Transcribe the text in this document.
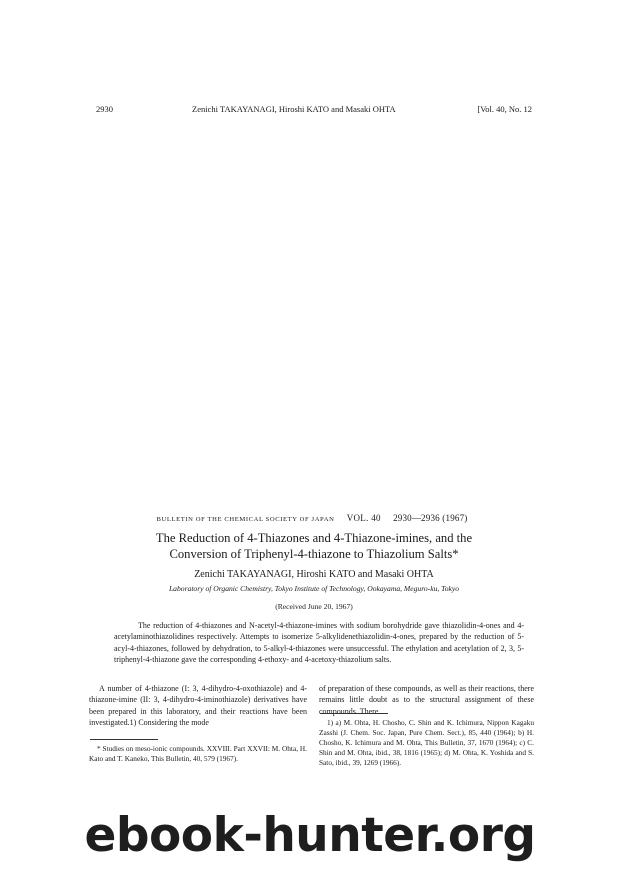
2930	Zenichi TAKAYANAGI, Hiroshi KATO and Masaki OHTA	[Vol. 40, No. 12
BULLETIN OF THE CHEMICAL SOCIETY OF JAPAN VOL. 40 2930—2936 (1967)
The Reduction of 4-Thiazones and 4-Thiazone-imines, and the
Conversion of Triphenyl-4-thiazone to Thiazolium Salts*
Zenichi TAKAYANAGI, Hiroshi KATO and Masaki OHTA
Laboratory of Organic Chemistry, Tokyo Institute of Technology, Ookayama, Meguro-ku, Tokyo
(Received June 20, 1967)

The reduction of 4-thiazones and N-acetyl-4-thiazone-imines with sodium borohydride gave thiazolidin-4-ones and 4-acetylaminothiazolidines respectively. Attempts to isomerize 5-alkylidenethiazolidin-4-ones, prepared by the reduction of 5-acyl-4-thiazones, followed by dehydration, to 5-alkyl-4-thiazones were unsuccessful. The ethylation and acetylation of 2, 3, 5-triphenyl-4-thiazone gave the corresponding 4-ethoxy- and 4-acetoxy-thiazolium salts.

A number of 4-thiazone (I: 3, 4-dihydro-4-oxothiazole) and 4-thiazone-imine (II: 3, 4-dihydro-4-iminothiazole) derivatives have been prepared in this laboratory, and their reactions have been investigated.1) Considering the mode

of preparation of these compounds, as well as their reactions, there remains little doubt as to the structural assignment of these compounds. There

* Studies on meso-ionic compounds. XXVIII. Part XXVII: M. Ohta, H. Kato and T. Kaneko, This Bulletin, 40, 579 (1967).

1) a) M. Ohta, H. Chosho, C. Shin and K. Ichimura, Nippon Kagaku Zasshi (J. Chem. Soc. Japan, Pure Chem. Sect.), 85, 440 (1964); b) H. Chosho, K. Ichimura and M. Ohta, This Bulletin, 37, 1670 (1964); c) C. Shin and M. Ohta, ibid., 38, 1816 (1965); d) M. Ohta, K. Yoshida and S. Sato, ibid., 39, 1269 (1966).

ebook-hunter.org
